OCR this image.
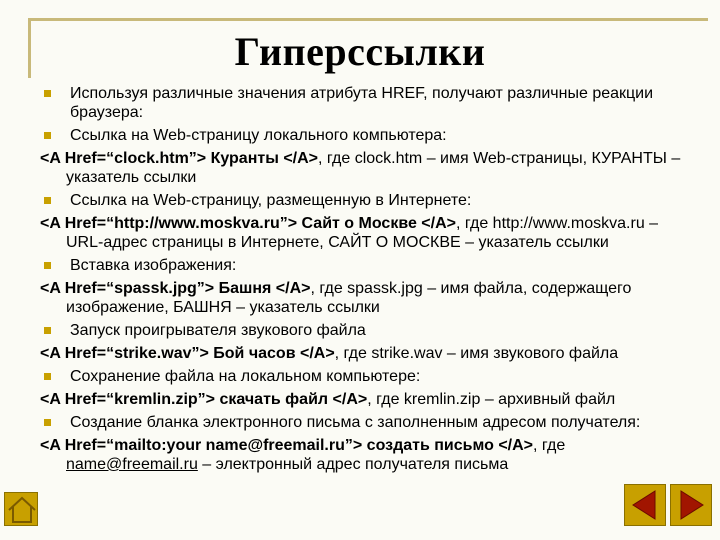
Гиперссылки
Используя различные значения атрибута HREF, получают различные реакции браузера:
Ссылка на Web-страницу локального компьютера:
<A Href=“clock.htm”> Куранты </A>, где clock.htm – имя Web-страницы, КУРАНТЫ – указатель ссылки
Ссылка на Web-страницу, размещенную в Интернете:
<A Href=“http://www.moskva.ru”> Сайт о Москве </A>, где http://www.moskva.ru – URL-адрес страницы в Интернете, САЙТ О МОСКВЕ – указатель ссылки
Вставка изображения:
<A Href=“spassk.jpg”> Башня </A>, где spassk.jpg – имя файла, содержащего изображение, БАШНЯ – указатель ссылки
Запуск проигрывателя звукового файла
<A Href=“strike.wav”> Бой часов </A>, где strike.wav – имя звукового файла
Сохранение файла на локальном компьютере:
<A Href=“kremlin.zip”> скачать файл </A>, где kremlin.zip – архивный файл
Создание бланка электронного письма с заполненным адресом получателя:
<A Href=“mailto:your name@freemail.ru”> создать письмо </A>, где name@freemail.ru – электронный адрес получателя письма
